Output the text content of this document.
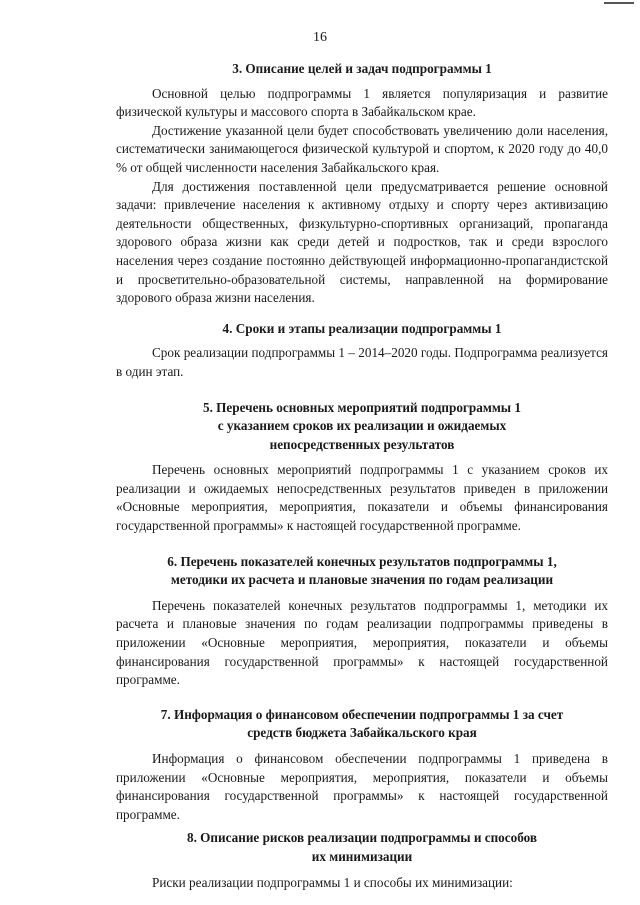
16

3. Описание целей и задач подпрограммы 1

Основной целью подпрограммы 1 является популяризация и развитие физической культуры и массового спорта в Забайкальском крае.

Достижение указанной цели будет способствовать увеличению доли населения, систематически занимающегося физической культурой и спортом, к 2020 году до 40,0 % от общей численности населения Забайкальского края.

Для достижения поставленной цели предусматривается решение основной задачи: привлечение населения к активному отдыху и спорту через активизацию деятельности общественных, физкультурно-спортивных организаций, пропаганда здорового образа жизни как среди детей и подростков, так и среди взрослого населения через создание постоянно действующей информационно-пропагандистской и просветительно-образовательной системы, направленной на формирование здорового образа жизни населения.

4. Сроки и этапы реализации подпрограммы 1

Срок реализации подпрограммы 1 – 2014–2020 годы. Подпрограмма реализуется в один этап.

5. Перечень основных мероприятий подпрограммы 1
с указанием сроков их реализации и ожидаемых
непосредственных результатов

Перечень основных мероприятий подпрограммы 1 с указанием сроков их реализации и ожидаемых непосредственных результатов приведен в приложении «Основные мероприятия, мероприятия, показатели и объемы финансирования государственной программы» к настоящей государственной программе.

6. Перечень показателей конечных результатов подпрограммы 1,
методики их расчета и плановые значения по годам реализации

Перечень показателей конечных результатов подпрограммы 1, методики их расчета и плановые значения по годам реализации подпрограммы приведены в приложении «Основные мероприятия, мероприятия, показатели и объемы финансирования государственной программы» к настоящей государственной программе.

7. Информация о финансовом обеспечении подпрограммы 1 за счет
средств бюджета Забайкальского края

Информация о финансовом обеспечении подпрограммы 1 приведена в приложении «Основные мероприятия, мероприятия, показатели и объемы финансирования государственной программы» к настоящей государственной программе.

8. Описание рисков реализации подпрограммы и способов
их минимизации

Риски реализации подпрограммы 1 и способы их минимизации:
